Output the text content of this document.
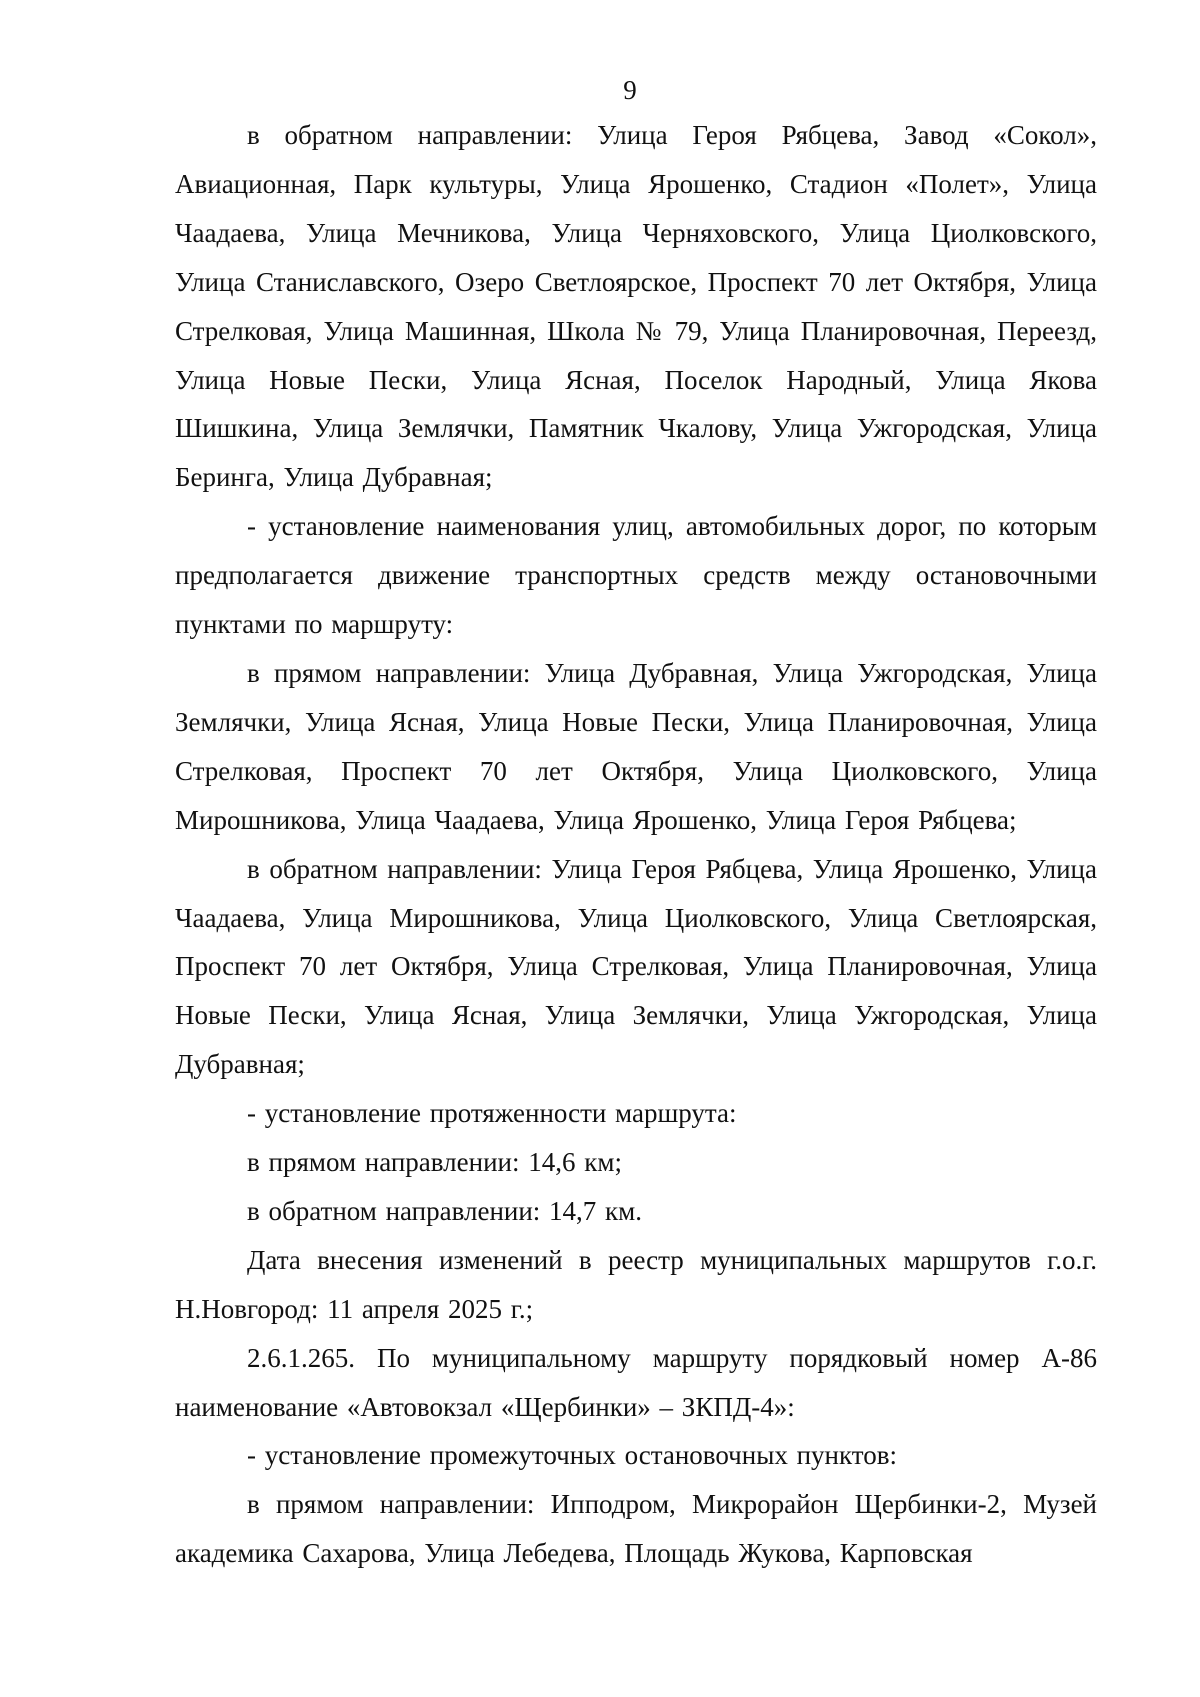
9

в обратном направлении: Улица Героя Рябцева, Завод «Сокол», Авиационная, Парк культуры, Улица Ярошенко, Стадион «Полет», Улица Чаадаева, Улица Мечникова, Улица Черняховского, Улица Циолковского, Улица Станиславского, Озеро Светлоярское, Проспект 70 лет Октября, Улица Стрелковая, Улица Машинная, Школа № 79, Улица Планировочная, Переезд, Улица Новые Пески, Улица Ясная, Поселок Народный, Улица Якова Шишкина, Улица Землячки, Памятник Чкалову, Улица Ужгородская, Улица Беринга, Улица Дубравная;

- установление наименования улиц, автомобильных дорог, по которым предполагается движение транспортных средств между остановочными пунктами по маршруту:

в прямом направлении: Улица Дубравная, Улица Ужгородская, Улица Землячки, Улица Ясная, Улица Новые Пески, Улица Планировочная, Улица Стрелковая, Проспект 70 лет Октября, Улица Циолковского, Улица Мирошникова, Улица Чаадаева, Улица Ярошенко, Улица Героя Рябцева;

в обратном направлении: Улица Героя Рябцева, Улица Ярошенко, Улица Чаадаева, Улица Мирошникова, Улица Циолковского, Улица Светлоярская, Проспект 70 лет Октября, Улица Стрелковая, Улица Планировочная, Улица Новые Пески, Улица Ясная, Улица Землячки, Улица Ужгородская, Улица Дубравная;

- установление протяженности маршрута:

в прямом направлении: 14,6 км;

в обратном направлении: 14,7 км.

Дата внесения изменений в реестр муниципальных маршрутов г.о.г. Н.Новгород: 11 апреля 2025 г.;

2.6.1.265. По муниципальному маршруту порядковый номер А-86 наименование «Автовокзал «Щербинки» – ЗКПД-4»:

- установление промежуточных остановочных пунктов:

в прямом направлении: Ипподром, Микрорайон Щербинки-2, Музей академика Сахарова, Улица Лебедева, Площадь Жукова, Карповская
